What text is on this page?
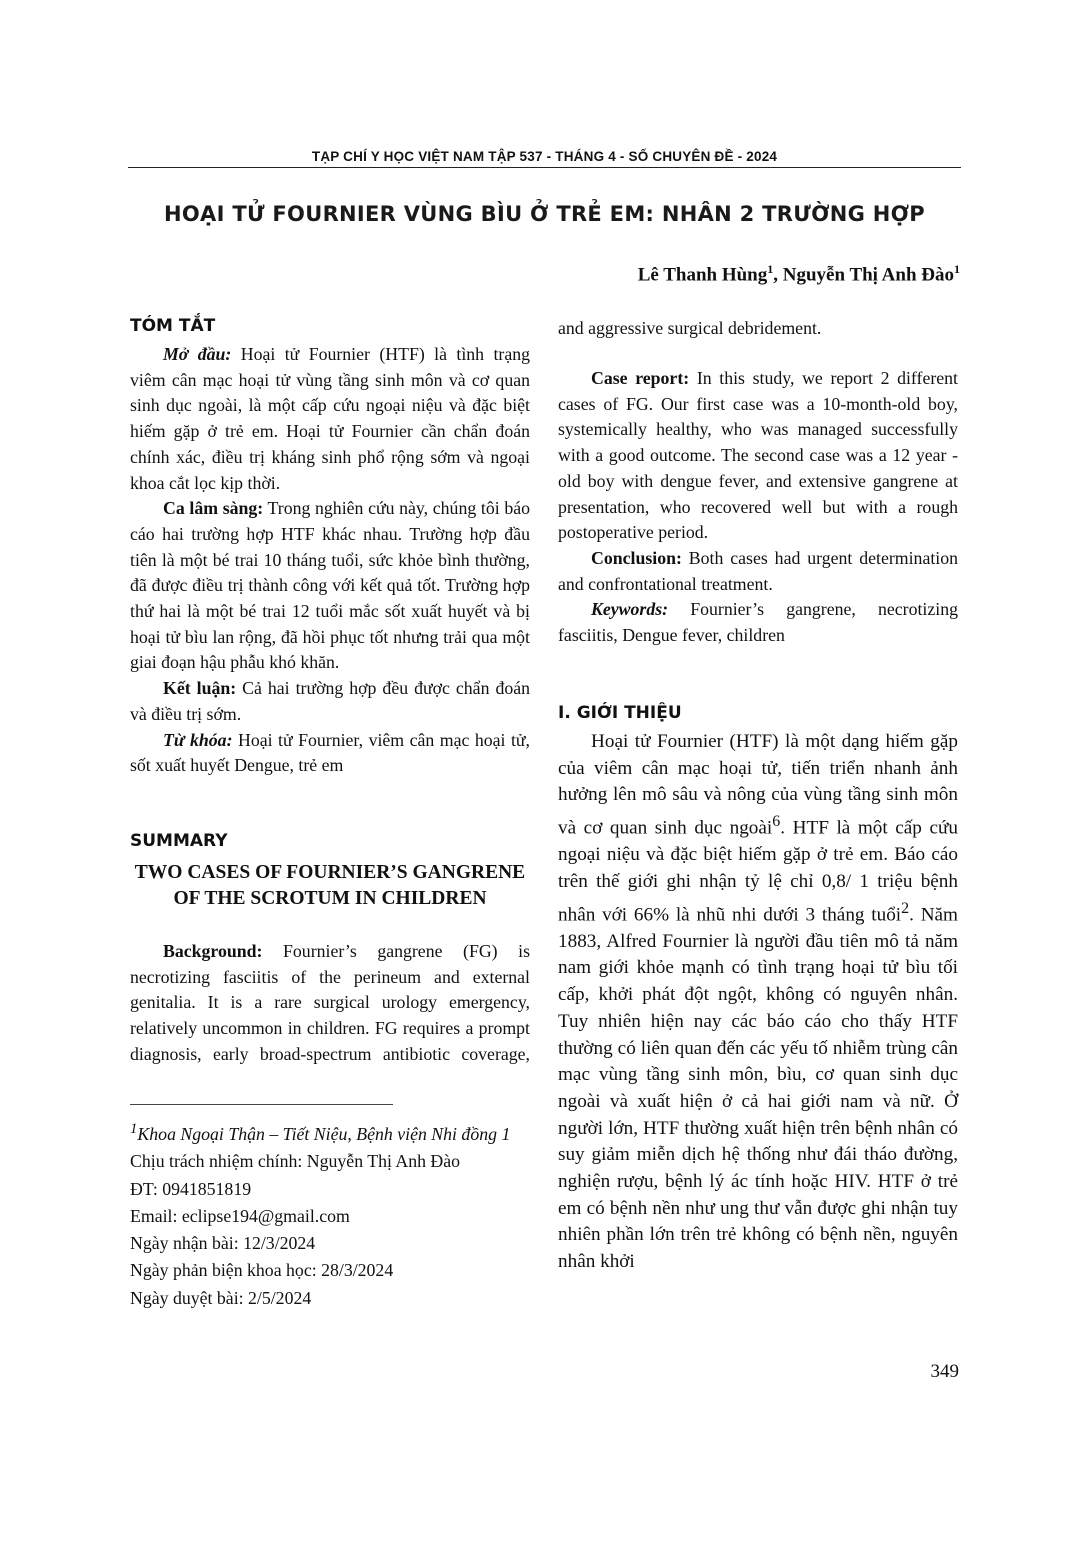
TẠP CHÍ Y HỌC VIỆT NAM TẬP 537 - THÁNG 4 - SỐ CHUYÊN ĐỀ - 2024
HOẠI TỬ FOURNIER VÙNG BÌU Ở TRẺ EM: NHÂN 2 TRƯỜNG HỢP
Lê Thanh Hùng$^1$, Nguyễn Thị Anh Đào$^1$
TÓM TẮT

Mở đầu: Hoại tử Fournier (HTF) là tình trạng viêm cân mạc hoại tử vùng tầng sinh môn và cơ quan sinh dục ngoài, là một cấp cứu ngoại niệu và đặc biệt hiếm gặp ở trẻ em. Hoại tử Fournier cần chẩn đoán chính xác, điều trị kháng sinh phổ rộng sớm và ngoại khoa cắt lọc kịp thời.

Ca lâm sàng: Trong nghiên cứu này, chúng tôi báo cáo hai trường hợp HTF khác nhau. Trường hợp đầu tiên là một bé trai 10 tháng tuổi, sức khỏe bình thường, đã được điều trị thành công với kết quả tốt. Trường hợp thứ hai là một bé trai 12 tuổi mắc sốt xuất huyết và bị hoại tử bìu lan rộng, đã hồi phục tốt nhưng trải qua một giai đoạn hậu phẫu khó khăn.

Kết luận: Cả hai trường hợp đều được chẩn đoán và điều trị sớm.

Từ khóa: Hoại tử Fournier, viêm cân mạc hoại tử, sốt xuất huyết Dengue, trẻ em

SUMMARY
TWO CASES OF FOURNIER’S GANGRENE OF THE SCROTUM IN CHILDREN

Background: Fournier’s gangrene (FG) is necrotizing fasciitis of the perineum and external genitalia. It is a rare surgical urology emergency, relatively uncommon in children. FG requires a prompt diagnosis, early broad-spectrum antibiotic coverage,

and aggressive surgical debridement.

Case report: In this study, we report 2 different cases of FG. Our first case was a 10-month-old boy, systemically healthy, who was managed successfully with a good outcome. The second case was a 12 year - old boy with dengue fever, and extensive gangrene at presentation, who recovered well but with a rough postoperative period.

Conclusion: Both cases had urgent determination and confrontational treatment.

Keywords: Fournier’s gangrene, necrotizing fasciitis, Dengue fever, children

$^1$Khoa Ngoại Thận – Tiết Niệu, Bệnh viện Nhi đồng 1
Chịu trách nhiệm chính: Nguyễn Thị Anh Đào
ĐT: 0941851819
Email: eclipse194@gmail.com
Ngày nhận bài: 12/3/2024
Ngày phản biện khoa học: 28/3/2024
Ngày duyệt bài: 2/5/2024
I. GIỚI THIỆU

Hoại tử Fournier (HTF) là một dạng hiếm gặp của viêm cân mạc hoại tử, tiến triển nhanh ảnh hưởng lên mô sâu và nông của vùng tầng sinh môn và cơ quan sinh dục ngoài$^6$. HTF là một cấp cứu ngoại niệu và đặc biệt hiếm gặp ở trẻ em. Báo cáo trên thế giới ghi nhận tỷ lệ chỉ 0,8/ 1 triệu bệnh nhân với 66% là nhũ nhi dưới 3 tháng tuổi$^2$. Năm 1883, Alfred Fournier là người đầu tiên mô tả năm nam giới khỏe mạnh có tình trạng hoại tử bìu tối cấp, khởi phát đột ngột, không có nguyên nhân. Tuy nhiên hiện nay các báo cáo cho thấy HTF thường có liên quan đến các yếu tố nhiễm trùng cân mạc vùng tầng sinh môn, bìu, cơ quan sinh dục ngoài và xuất hiện ở cả hai giới nam và nữ. Ở người lớn, HTF thường xuất hiện trên bệnh nhân có suy giảm miễn dịch hệ thống như đái tháo đường, nghiện rượu, bệnh lý ác tính hoặc HIV. HTF ở trẻ em có bệnh nền như ung thư vẫn được ghi nhận tuy nhiên phần lớn trên trẻ không có bệnh nền, nguyên nhân khởi

349
